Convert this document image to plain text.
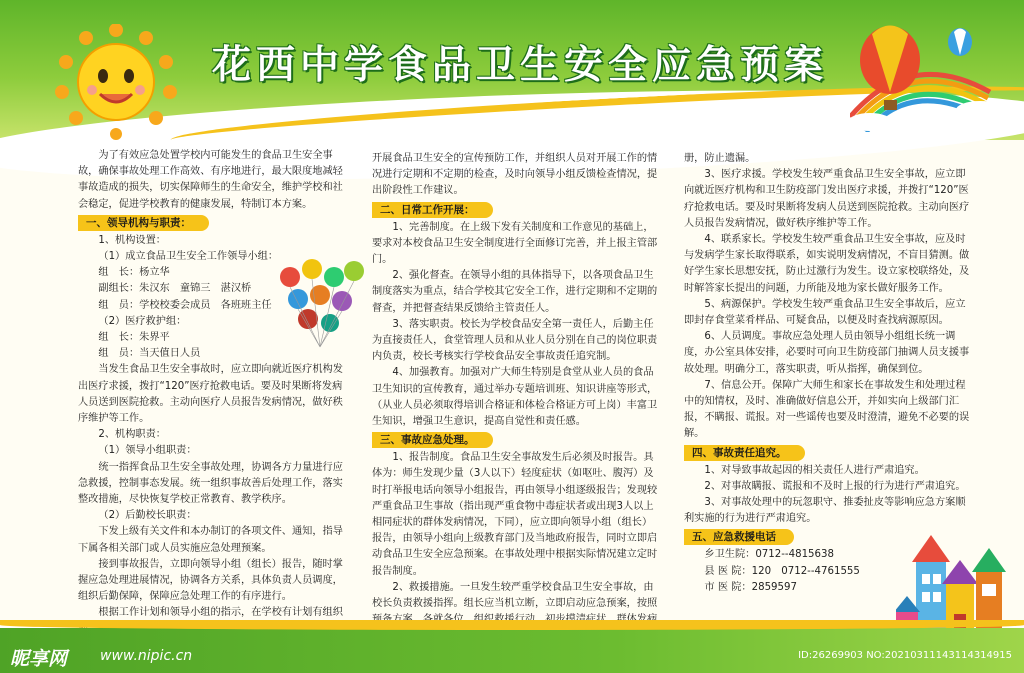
花西中学食品卫生安全应急预案

为了有效应急处置学校内可能发生的食品卫生安全事故，确保事故处理工作高效、有序地进行，最大限度地减轻事故造成的损失，切实保障师生的生命安全，维护学校和社会稳定，促进学校教育的健康发展，特制订本方案。

一、领导机构与职责：

1、机构设置：

（1）成立食品卫生安全工作领导小组：

组　长：杨立华

副组长：朱汉东　童锦三　湛汉桥

组　员：学校校委会成员　各班班主任

（2）医疗救护组：

组　长：朱界平

组　员：当天值日人员

当发生食品卫生安全事故时，应立即向就近医疗机构发出医疗求援，拨打“120”医疗抢救电话。要及时果断将发病人员送到医院抢救。主动向医疗人员报告发病情况，做好秩序维护等工作。

2、机构职责：

（1）领导小组职责：

统一指挥食品卫生安全事故处理，协调各方力量进行应急救援，控制事态发展。统一组织事故善后处理工作，落实整改措施，尽快恢复学校正常教育、教学秩序。

（2）后勤校长职责：

下发上级有关文件和本办制订的各项文件、通知，指导下属各相关部门或人员实施应急处理预案。

接到事故报告，立即向领导小组（组长）报告，随时掌握应急处理进展情况，协调各方关系，具体负责人员调度，组织后勤保障，保障应急处理工作的有序进行。

根据工作计划和领导小组的指示，在学校有计划有组织

开展食品卫生安全的宣传预防工作，并组织人员对开展工作的情况进行定期和不定期的检查，及时向领导小组反馈检查情况，提出阶段性工作建议。

二、日常工作开展：

1、完善制度。在上级下发有关制度和工作意见的基础上，要求对本校食品卫生安全制度进行全面修订完善，并上报主管部门。

2、强化督查。在领导小组的具体指导下，以各项食品卫生制度落实为重点，结合学校其它安全工作，进行定期和不定期的督查，并把督查结果反馈给主管责任人。

3、落实职责。校长为学校食品安全第一责任人，后勤主任为直接责任人，食堂管理人员和从业人员分别在自己的岗位职责内负责，校长考核实行学校食品安全事故责任追究制。

4、加强教育。加强对广大师生特别是食堂从业人员的食品卫生知识的宣传教育，通过举办专题培训班、知识讲座等形式，（从业人员必须取得培训合格证和体检合格证方可上岗）丰富卫生知识，增强卫生意识，提高自觉性和责任感。

三、事故应急处理。

1、报告制度。食品卫生安全事故发生后必须及时报告。具体为：师生发现少量（3人以下）轻度症状（如呕吐、腹泻）及时打举报电话向领导小组报告，再由领导小组逐级报告；发现较严重食品卫生事故（指出现严重食物中毒症状者或出现3人以上相同症状的群体发病情况，下同），应立即向领导小组（组长）报告，由领导小组向上级教育部门及当地政府报告，同时立即启动食品卫生安全应急预案。在事故处理中根据实际情况建立定时报告制度。

2、救援措施。一旦发生较严重学校食品卫生安全事故，由校长负责救援指挥。组长应当机立断，立即启动应急预案，按照

册，防止遗漏。

3、医疗求援。学校发生较严重食品卫生安全事故，应立即向就近医疗机构和卫生防疫部门发出医疗求援，并拨打“120”医疗抢救电话。要及时果断将发病人员送到医院抢救。主动向医疗人员报告发病情况，做好秩序维护等工作。

4、联系家长。学校发生较严重食品卫生安全事故，应及时与发病学生家长取得联系，如实说明发病情况，不盲目猜测。做好学生家长思想安抚，防止过激行为发生。设立家校联络处，及时解答家长提出的问题，力所能及地为家长做好服务工作。

5、病源保护。学校发生较严重食品卫生安全事故后，应立即封存食堂菜肴样品、可疑食品，以便及时查找病源原因。

6、人员调度。事故应急处理人员由领导小组组长统一调度，办公室具体安排，必要时可向卫生防疫部门抽调人员支援事故处理。明确分工，落实职责，听从指挥，确保到位。

7、信息公开。保障广大师生和家长在事故发生和处理过程中的知情权，及时、准确做好信息公开，并如实向上级部门汇报，不瞒报、谎报。对一些谣传也要及时澄清，避免不必要的误解。

四、事故责任追究。

1、对导致事故起因的相关责任人进行严肃追究。

2、对事故瞒报、谎报和不及时上报的行为进行严肃追究。

3、对事故处理中的玩忽职守、推委扯皮等影响应急方案顺利实施的行为进行严肃追究。

五、应急救援电话

乡卫生院：0712--4815638

县 医 院：120　0712--4761555

市 医 院：2859597

昵享网 www.nipic.cn	ID:26269903 NO:20210311143114314915
